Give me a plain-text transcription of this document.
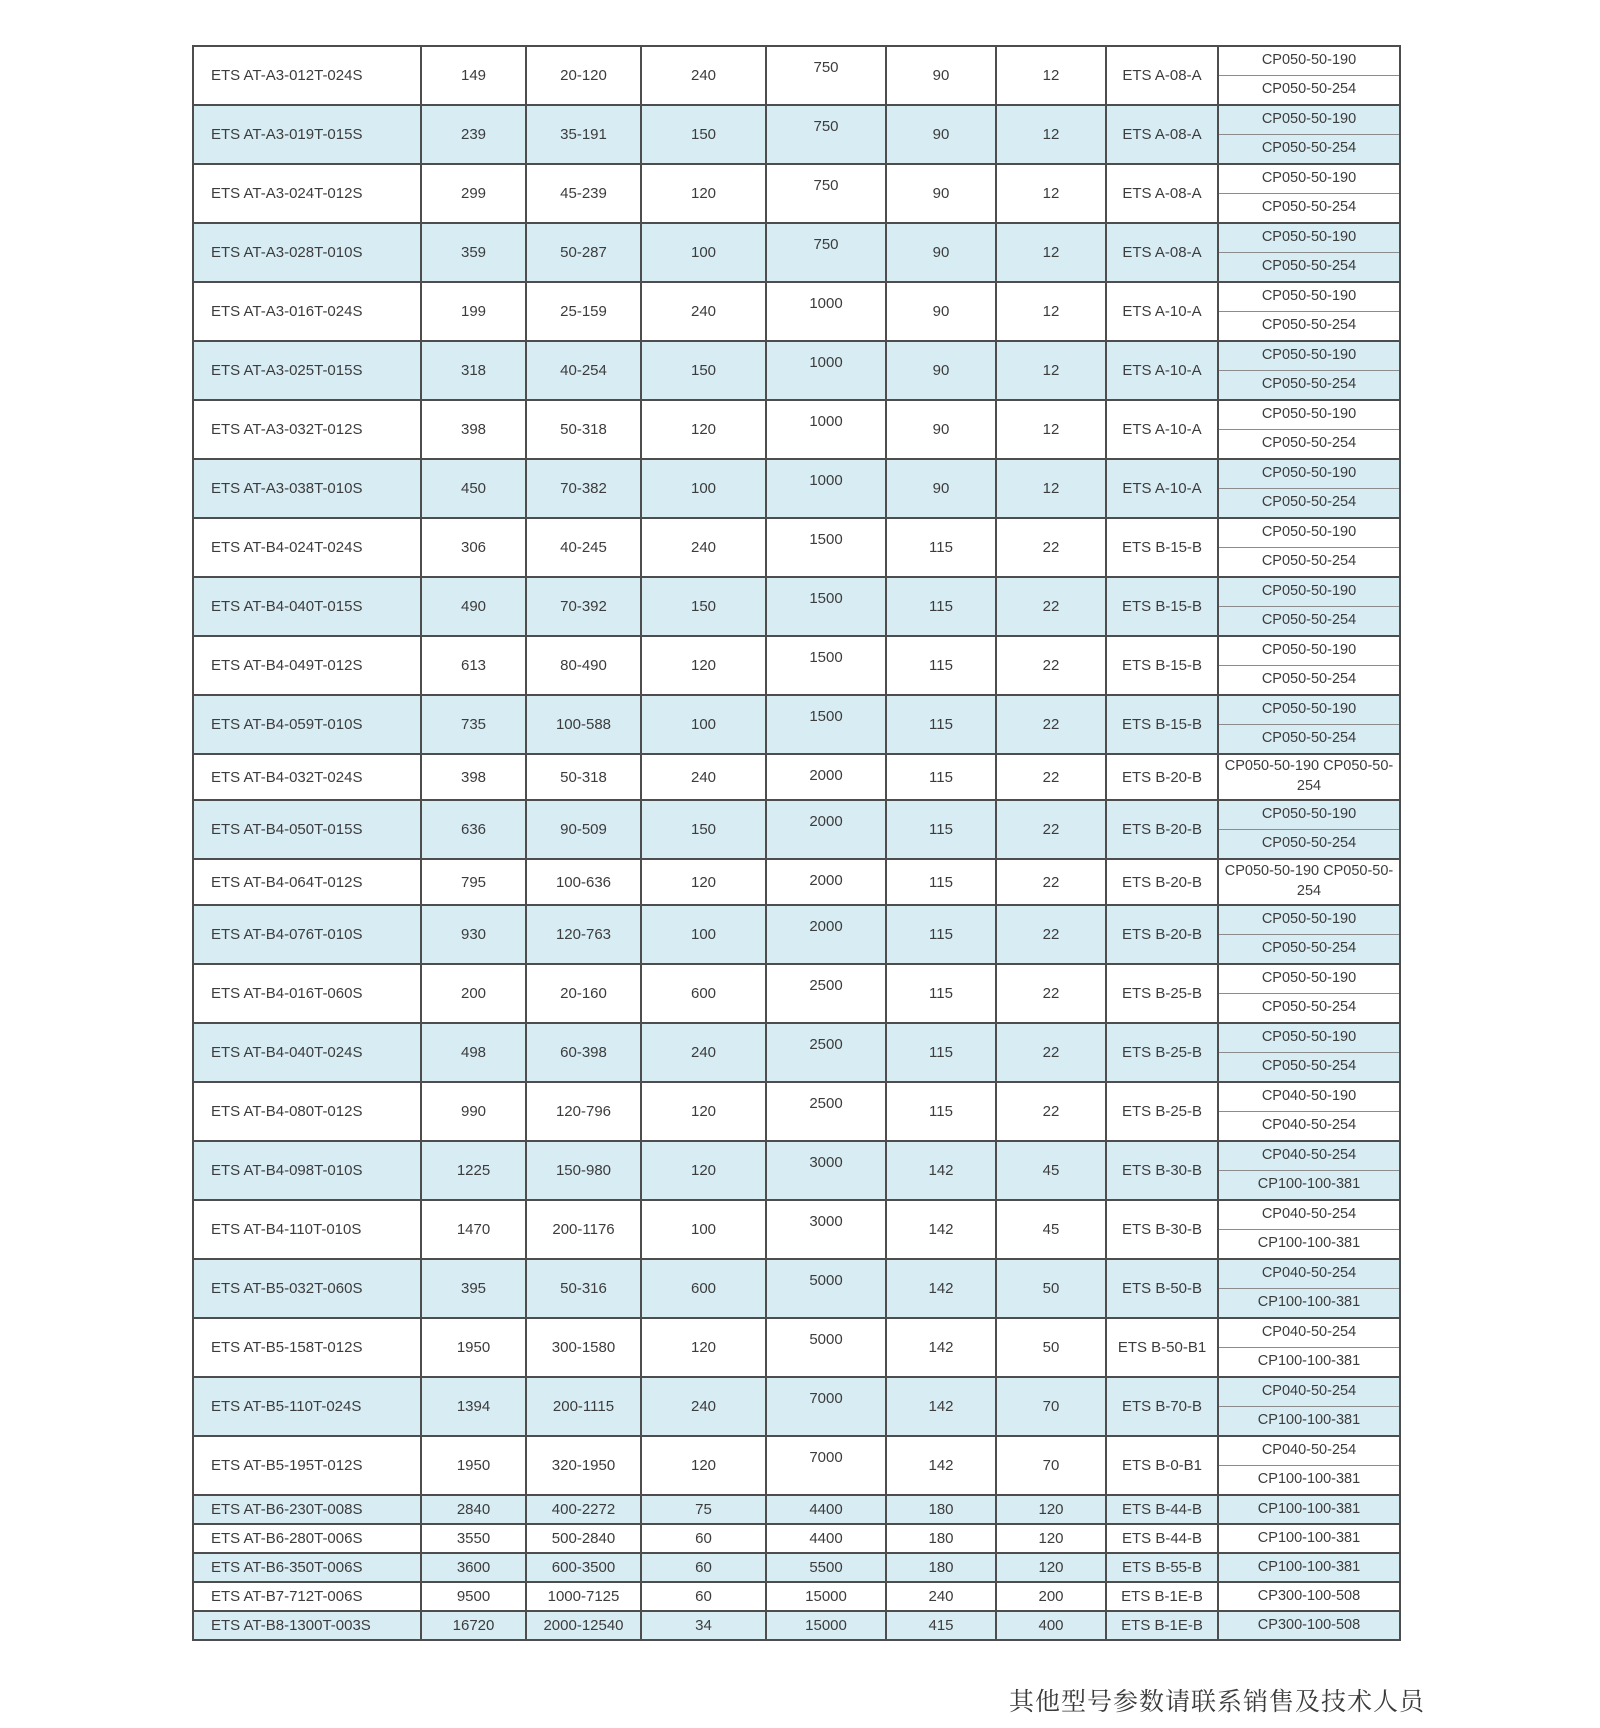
ETS AT-A3-012T-024S	149	20-120	240	750	90	12	ETS A-08-A
CP050-50-190
CP050-50-254
ETS AT-A3-019T-015S	239	35-191	150	750	90	12	ETS A-08-A
CP050-50-190
CP050-50-254
ETS AT-A3-024T-012S	299	45-239	120	750	90	12	ETS A-08-A
CP050-50-190
CP050-50-254
ETS AT-A3-028T-010S	359	50-287	100	750	90	12	ETS A-08-A
CP050-50-190
CP050-50-254
ETS AT-A3-016T-024S	199	25-159	240	1000	90	12	ETS A-10-A
CP050-50-190
CP050-50-254
ETS AT-A3-025T-015S	318	40-254	150	1000	90	12	ETS A-10-A
CP050-50-190
CP050-50-254
ETS AT-A3-032T-012S	398	50-318	120	1000	90	12	ETS A-10-A
CP050-50-190
CP050-50-254
ETS AT-A3-038T-010S	450	70-382	100	1000	90	12	ETS A-10-A
CP050-50-190
CP050-50-254
ETS AT-B4-024T-024S	306	40-245	240	1500	115	22	ETS B-15-B
CP050-50-190
CP050-50-254
ETS AT-B4-040T-015S	490	70-392	150	1500	115	22	ETS B-15-B
CP050-50-190
CP050-50-254
ETS AT-B4-049T-012S	613	80-490	120	1500	115	22	ETS B-15-B
CP050-50-190
CP050-50-254
ETS AT-B4-059T-010S	735	100-588	100	1500	115	22	ETS B-15-B
CP050-50-190
CP050-50-254
ETS AT-B4-032T-024S	398	50-318	240	2000	115	22	ETS B-20-B
CP050-50-190 CP050-50-254
ETS AT-B4-050T-015S	636	90-509	150	2000	115	22	ETS B-20-B
CP050-50-190
CP050-50-254
ETS AT-B4-064T-012S	795	100-636	120	2000	115	22	ETS B-20-B
CP050-50-190 CP050-50-254
ETS AT-B4-076T-010S	930	120-763	100	2000	115	22	ETS B-20-B
CP050-50-190
CP050-50-254
ETS AT-B4-016T-060S	200	20-160	600	2500	115	22	ETS B-25-B
CP050-50-190
CP050-50-254
ETS AT-B4-040T-024S	498	60-398	240	2500	115	22	ETS B-25-B
CP050-50-190
CP050-50-254
ETS AT-B4-080T-012S	990	120-796	120	2500	115	22	ETS B-25-B
CP040-50-190
CP040-50-254
ETS AT-B4-098T-010S	1225	150-980	120	3000	142	45	ETS B-30-B
CP040-50-254
CP100-100-381
ETS AT-B4-110T-010S	1470	200-1176	100	3000	142	45	ETS B-30-B
CP040-50-254
CP100-100-381
ETS AT-B5-032T-060S	395	50-316	600	5000	142	50	ETS B-50-B
CP040-50-254
CP100-100-381
ETS AT-B5-158T-012S	1950	300-1580	120	5000	142	50	ETS B-50-B1
CP040-50-254
CP100-100-381
ETS AT-B5-110T-024S	1394	200-1115	240	7000	142	70	ETS B-70-B
CP040-50-254
CP100-100-381
ETS AT-B5-195T-012S	1950	320-1950	120	7000	142	70	ETS B-0-B1
CP040-50-254
CP100-100-381
ETS AT-B6-230T-008S	2840	400-2272	75	4400	180	120	ETS B-44-B	CP100-100-381
ETS AT-B6-280T-006S	3550	500-2840	60	4400	180	120	ETS B-44-B	CP100-100-381
ETS AT-B6-350T-006S	3600	600-3500	60	5500	180	120	ETS B-55-B	CP100-100-381
ETS AT-B7-712T-006S	9500	1000-7125	60	15000	240	200	ETS B-1E-B	CP300-100-508
ETS AT-B8-1300T-003S	16720	2000-12540	34	15000	415	400	ETS B-1E-B	CP300-100-508
其他型号参数请联系销售及技术人员
